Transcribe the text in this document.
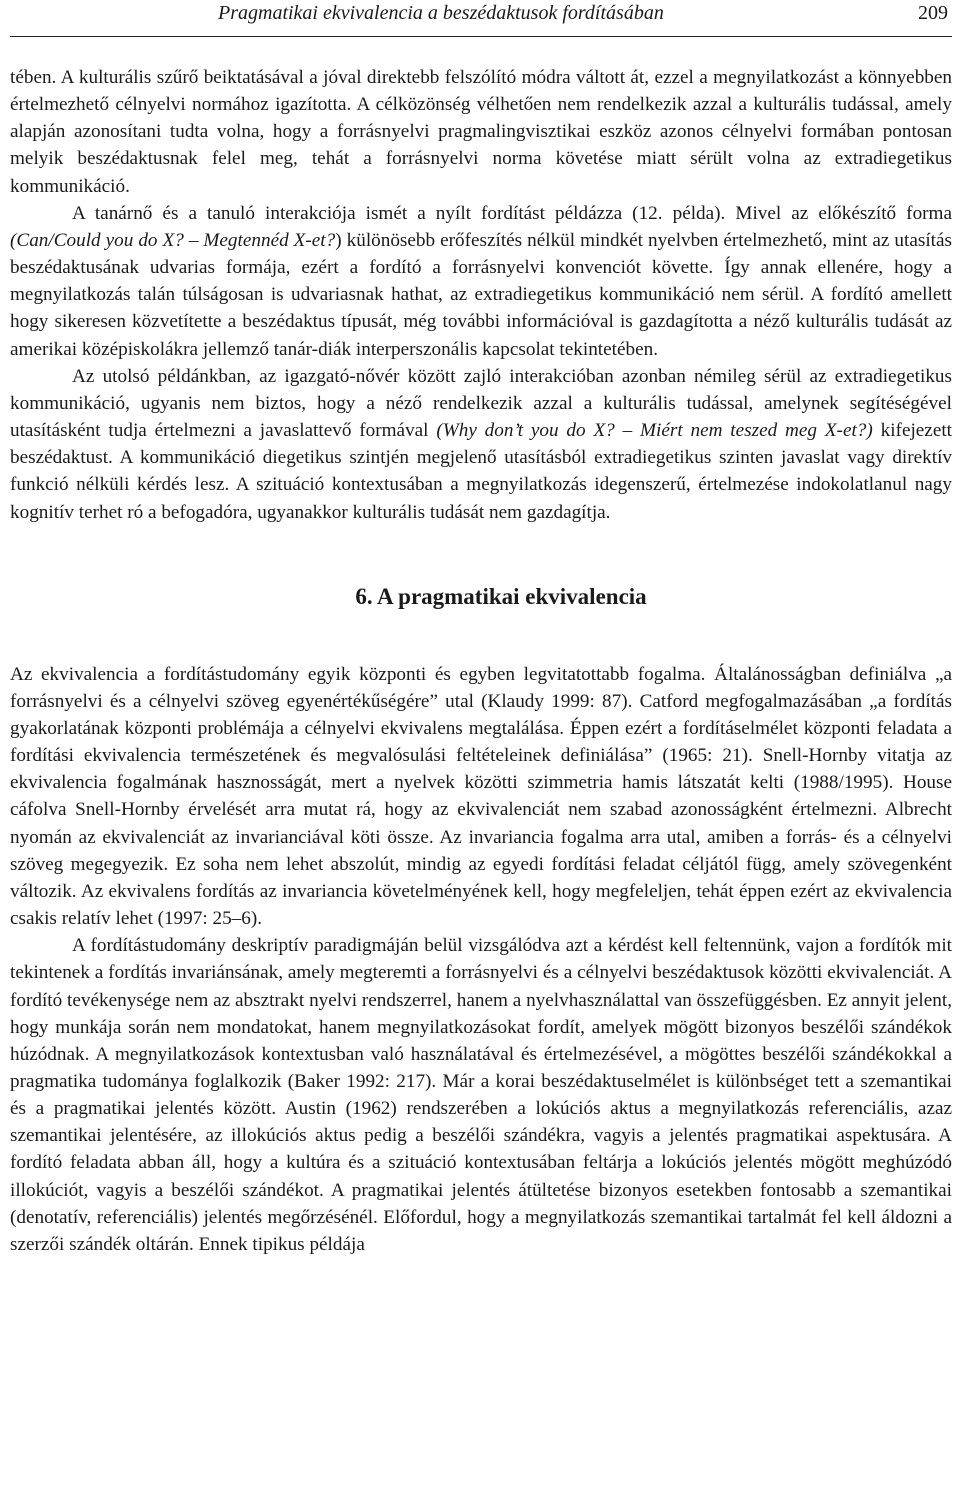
Pragmatikai ekvivalencia a beszédaktusok fordításában	209

tében. A kulturális szűrő beiktatásával a jóval direktebb felszólító módra váltott át, ezzel a megnyilatkozást a könnyebben értelmezhető célnyelvi normához igazította. A célközönség vélhetően nem rendelkezik azzal a kulturális tudással, amely alapján azonosítani tudta volna, hogy a forrásnyelvi pragmalingvisztikai eszköz azonos célnyelvi formában pontosan melyik beszédaktusnak felel meg, tehát a forrásnyelvi norma követése miatt sérült volna az extradiegetikus kommunikáció.

A tanárnő és a tanuló interakciója ismét a nyílt fordítást példázza (12. példa). Mivel az előkészítő forma (Can/Could you do X? – Megtennéd X-et?) különösebb erőfeszítés nélkül mindkét nyelvben értelmezhető, mint az utasítás beszédaktusának udvarias formája, ezért a fordító a forrásnyelvi konvenciót követte. Így annak ellenére, hogy a megnyilatkozás talán túlságosan is udvariasnak hathat, az extradiegetikus kommunikáció nem sérül. A fordító amellett hogy sikeresen közvetítette a beszédaktus típusát, még további információval is gazdagította a néző kulturális tudását az amerikai középiskolákra jellemző tanár-diák interperszonális kapcsolat tekintetében.

Az utolsó példánkban, az igazgató-nővér között zajló interakcióban azonban némileg sérül az extradiegetikus kommunikáció, ugyanis nem biztos, hogy a néző rendelkezik azzal a kulturális tudással, amelynek segítéségével utasításként tudja értelmezni a javaslattevő formával (Why don’t you do X? – Miért nem teszed meg X-et?) kifejezett beszédaktust. A kommunikáció diegetikus szintjén megjelenő utasításból extradiegetikus szinten javaslat vagy direktív funkció nélküli kérdés lesz. A szituáció kontextusában a megnyilatkozás idegenszerű, értelmezése indokolatlanul nagy kognitív terhet ró a befogadóra, ugyanakkor kulturális tudását nem gazdagítja.

6. A pragmatikai ekvivalencia

Az ekvivalencia a fordítástudomány egyik központi és egyben legvitatottabb fogalma. Általánosságban definiálva „a forrásnyelvi és a célnyelvi szöveg egyenértékűségére” utal (Klaudy 1999: 87). Catford megfogalmazásában „a fordítás gyakorlatának központi problémája a célnyelvi ekvivalens megtalálása. Éppen ezért a fordításelmélet központi feladata a fordítási ekvivalencia természetének és megvalósulási feltételeinek definiálása” (1965: 21). Snell-Hornby vitatja az ekvivalencia fogalmának hasznosságát, mert a nyelvek közötti szimmetria hamis látszatát kelti (1988/1995). House cáfolva Snell-Hornby érvelését arra mutat rá, hogy az ekvivalenciát nem szabad azonosságként értelmezni. Albrecht nyomán az ekvivalenciát az invarianciával köti össze. Az invariancia fogalma arra utal, amiben a forrás- és a célnyelvi szöveg megegyezik. Ez soha nem lehet abszolút, mindig az egyedi fordítási feladat céljától függ, amely szövegenként változik. Az ekvivalens fordítás az invariancia követelményének kell, hogy megfeleljen, tehát éppen ezért az ekvivalencia csakis relatív lehet (1997: 25–6).

A fordítástudomány deskriptív paradigmáján belül vizsgálódva azt a kérdést kell feltennünk, vajon a fordítók mit tekintenek a fordítás invariánsának, amely megteremti a forrásnyelvi és a célnyelvi beszédaktusok közötti ekvivalenciát. A fordító tevékenysége nem az absztrakt nyelvi rendszerrel, hanem a nyelvhasználattal van összefüggésben. Ez annyit jelent, hogy munkája során nem mondatokat, hanem megnyilatkozásokat fordít, amelyek mögött bizonyos beszélői szándékok húzódnak. A megnyilatkozások kontextusban való használatával és értelmezésével, a mögöttes beszélői szándékokkal a pragmatika tudománya foglalkozik (Baker 1992: 217). Már a korai beszédaktuselmélet is különbséget tett a szemantikai és a pragmatikai jelentés között. Austin (1962) rendszerében a lokúciós aktus a megnyilatkozás referenciális, azaz szemantikai jelentésére, az illokúciós aktus pedig a beszélői szándékra, vagyis a jelentés pragmatikai aspektusára. A fordító feladata abban áll, hogy a kultúra és a szituáció kontextusában feltárja a lokúciós jelentés mögött meghúzódó illokúciót, vagyis a beszélői szándékot. A pragmatikai jelentés átültetése bizonyos esetekben fontosabb a szemantikai (denotatív, referenciális) jelentés megőrzésénél. Előfordul, hogy a megnyilatkozás szemantikai tartalmát fel kell áldozni a szerzői szándék oltárán. Ennek tipikus példája
